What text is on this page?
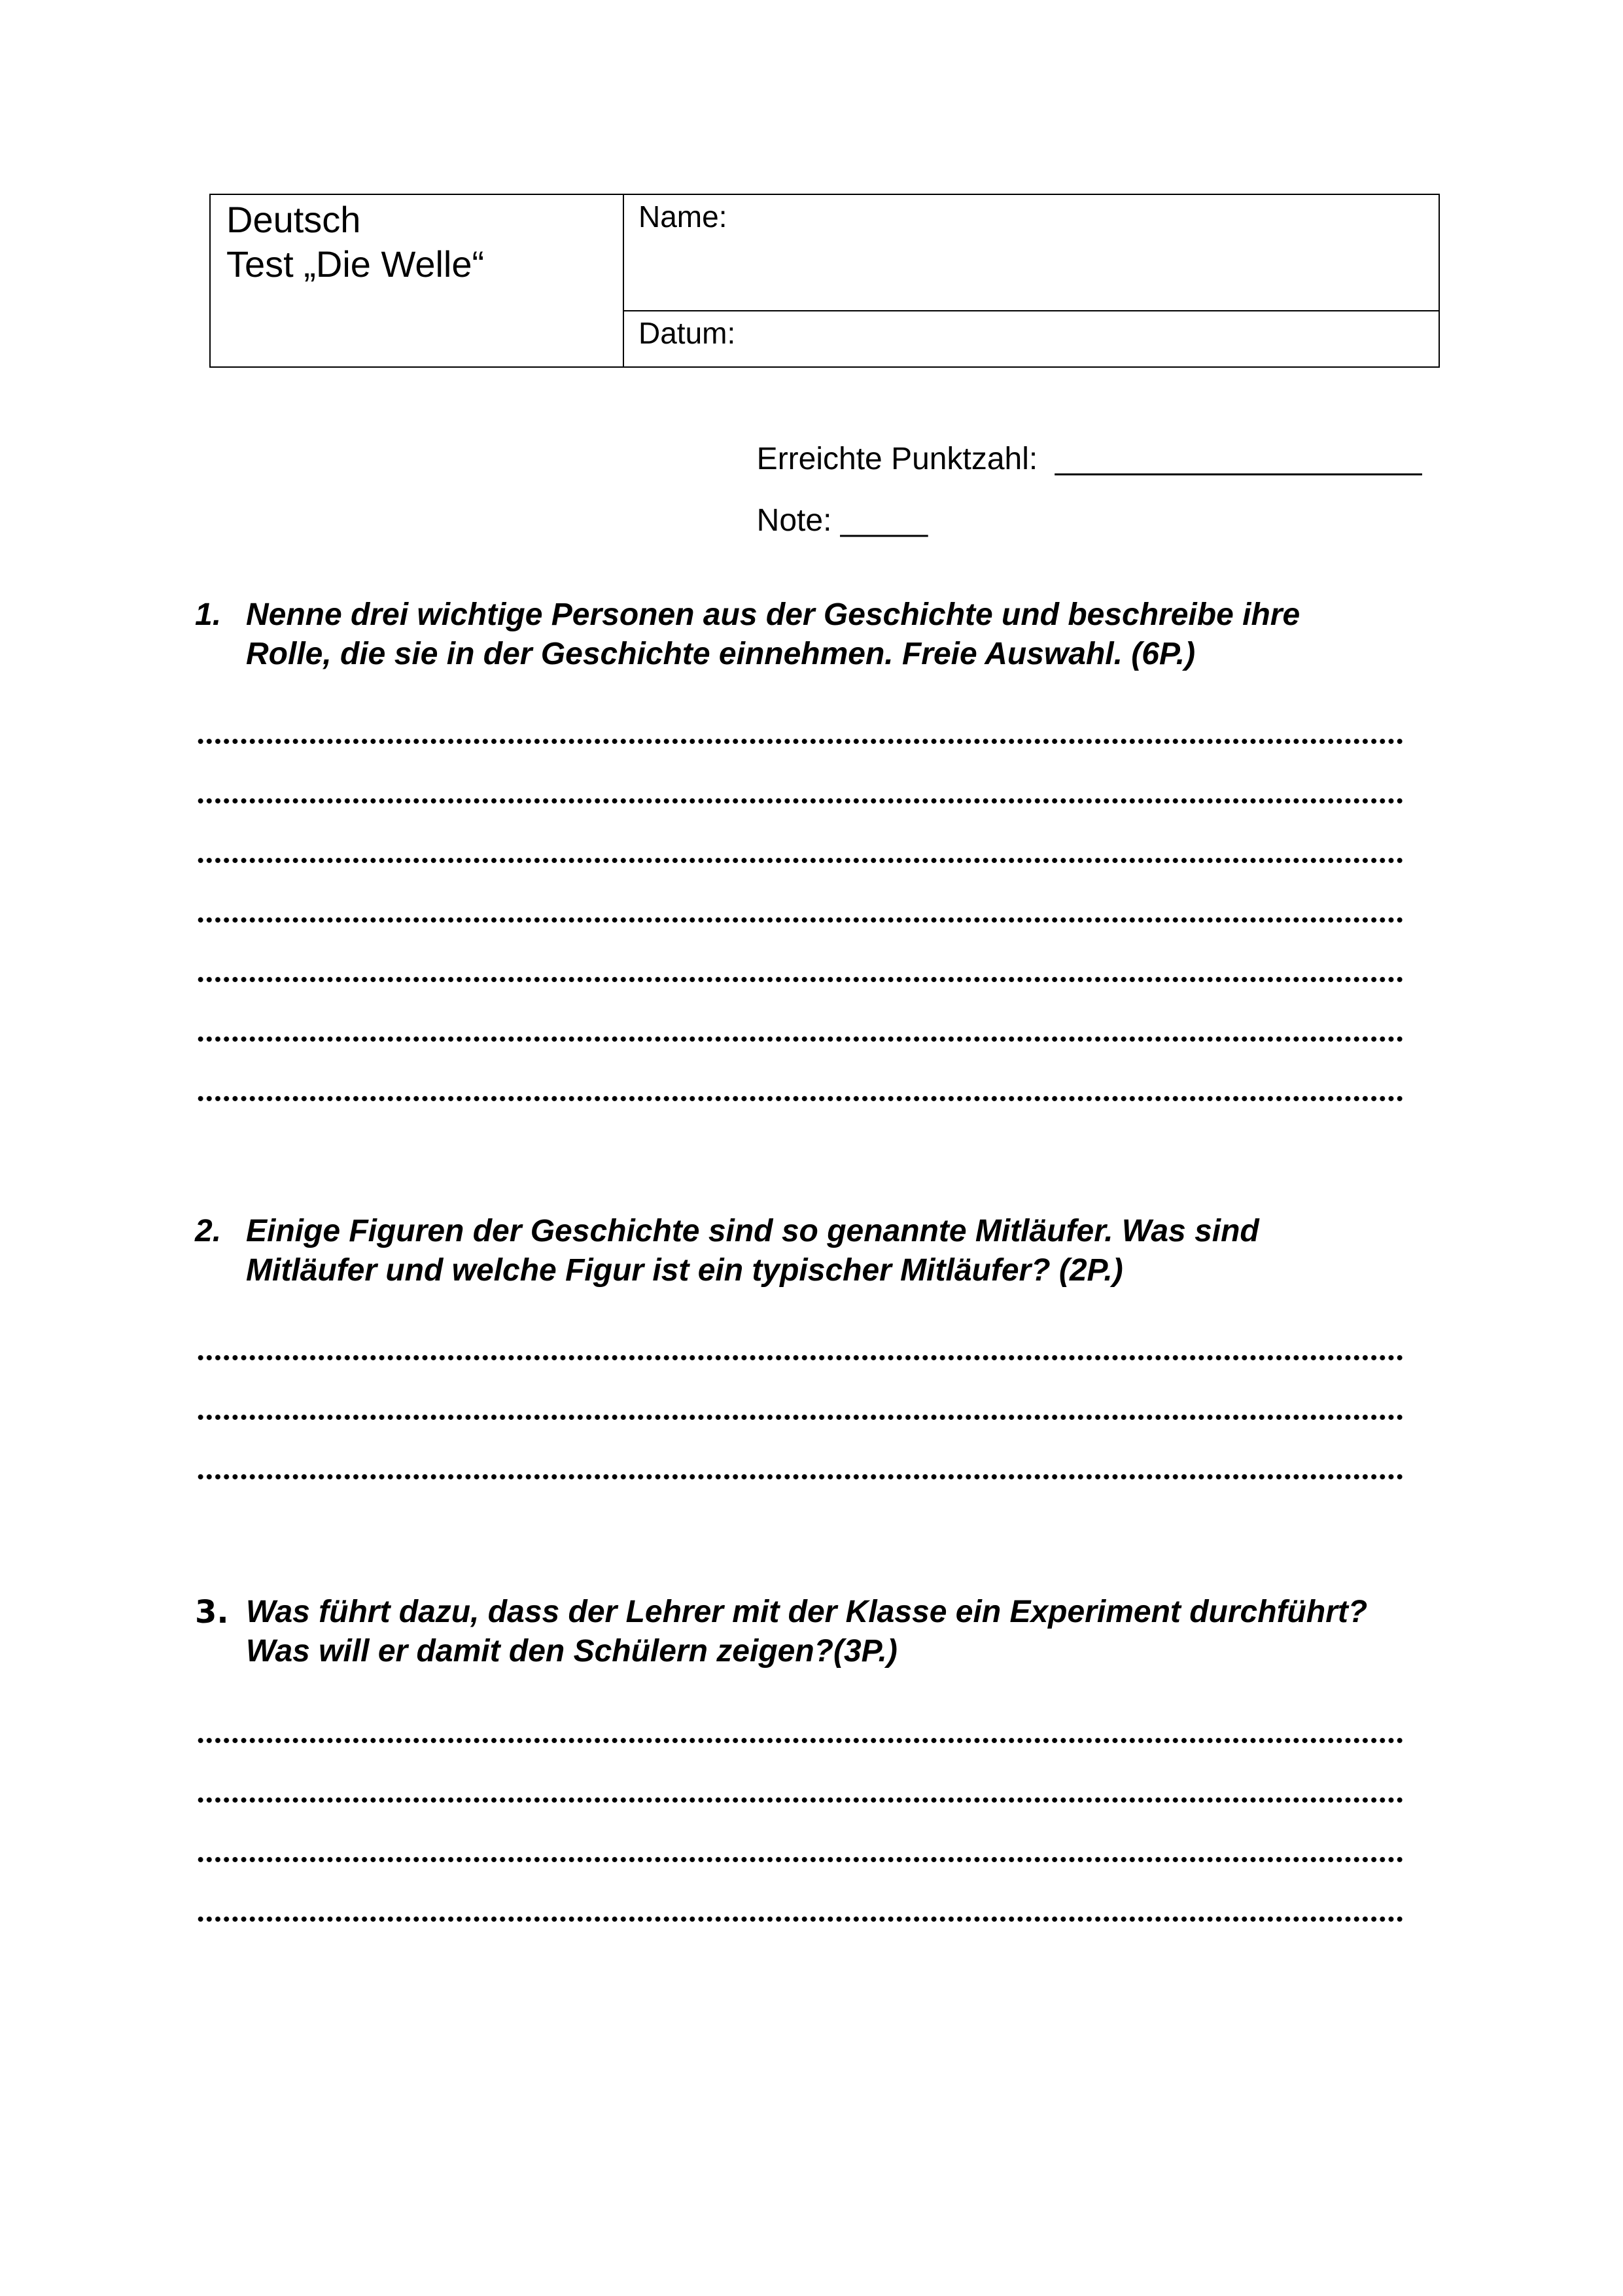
Deutsch
Test „Die Welle“
Name:
Datum:

Erreichte Punktzahl: _____________________

Note: _____

1. Nenne drei wichtige Personen aus der Geschichte und beschreibe ihre
Rolle, die sie in der Geschichte einnehmen. Freie Auswahl. (6P.)
2. Einige Figuren der Geschichte sind so genannte Mitläufer. Was sind
Mitläufer und welche Figur ist ein typischer Mitläufer? (2P.)
3. Was führt dazu, dass der Lehrer mit der Klasse ein Experiment durchführt?
Was will er damit den Schülern zeigen?(3P.)
